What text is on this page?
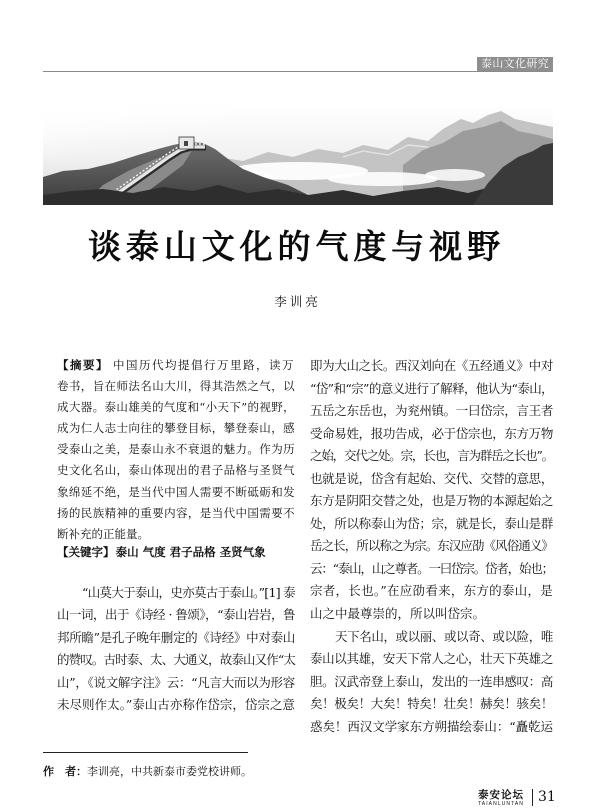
泰山文化研究
谈泰山文化的气度与视野
李训亮
【摘要】 中国历代均提倡行万里路，读万
卷书，旨在师法名山大川，得其浩然之气，以
成大器。泰山雄美的气度和“小天下”的视野，
成为仁人志士向往的攀登目标，攀登泰山，感
受泰山之美，是泰山永不衰退的魅力。作为历
史文化名山，泰山体现出的君子品格与圣贤气
象绵延不绝，是当代中国人需要不断砥砺和发
扬的民族精神的重要内容，是当代中国需要不
断补充的正能量。
【关键字】泰山 气度 君子品格 圣贤气象
“山莫大于泰山，史亦莫古于泰山。”[1] 泰
山一词，出于《诗经 · 鲁颂》，“泰山岩岩，鲁
邦所瞻”是孔子晚年删定的《诗经》中对泰山
的赞叹。古时泰、太、大通义，故泰山又作“太
山”，《说文解字注》云：“凡言大而以为形容
未尽则作太。”泰山古亦称作岱宗，岱宗之意
即为大山之长。西汉刘向在《五经通义》中对
“岱”和“宗”的意义进行了解释，他认为“泰山，
五岳之东岳也，为兖州镇。一曰岱宗，言王者
受命易姓，报功告成，必于岱宗也，东方万物
之始，交代之处。宗，长也，言为群岳之长也”。
也就是说，岱含有起始、交代、交替的意思，
东方是阴阳交替之处，也是万物的本源起始之
处，所以称泰山为岱；宗，就是长，泰山是群
岳之长，所以称之为宗。东汉应劭《风俗通义》
云：“泰山，山之尊者。一曰岱宗。岱者，始也；
宗者，长也。”在应劭看来，东方的泰山，是
山之中最尊崇的，所以叫岱宗。
天下名山，或以丽、或以奇、或以险，唯
泰山以其雄，安天下常人之心，壮天下英雄之
胆。汉武帝登上泰山，发出的一连串感叹：高
矣！极矣！大矣！特矣！壮矣！赫矣！骇矣！
惑矣！西汉文学家东方朔描绘泰山：“矗乾运
作　者：李训亮，中共新泰市委党校讲师。
泰安论坛
TAIANLUNTAN 31
